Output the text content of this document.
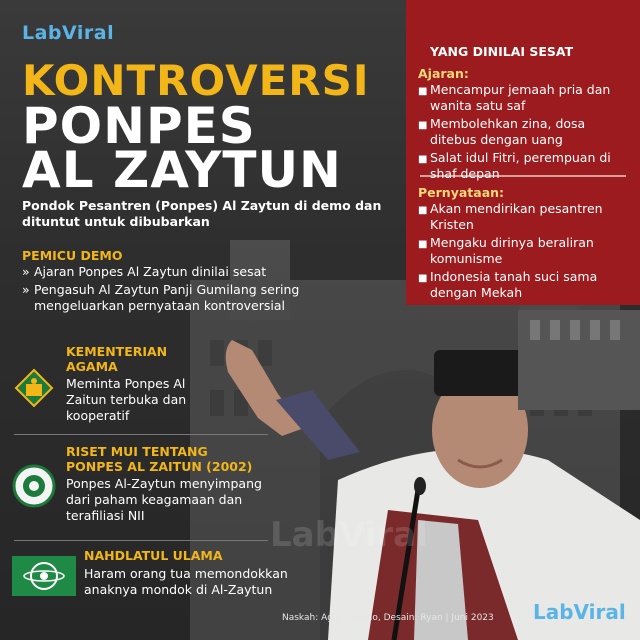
LabViral
KONTROVERSI
PONPES
AL ZAYTUN
Pondok Pesantren (Ponpes) Al Zaytun di demo dan dituntut untuk dibubarkan
PEMICU DEMO
» Ajaran Ponpes Al Zaytun dinilai sesat
» Pengasuh Al Zaytun Panji Gumilang sering mengeluarkan pernyataan kontroversial
KEMENTERIAN AGAMA
Meminta Ponpes Al Zaitun terbuka dan kooperatif
RISET MUI TENTANG PONPES AL ZAITUN (2002)
Ponpes Al-Zaytun menyimpang dari paham keagamaan dan terafiliasi NII
NAHDLATUL ULAMA
Haram orang tua memondokkan anaknya mondok di Al-Zaytun
YANG DINILAI SESAT
Ajaran:
■ Mencampur jemaah pria dan wanita satu saf
■ Membolehkan zina, dosa ditebus dengan uang
■ Salat idul Fitri, perempuan di shaf depan
Pernyataan:
■ Akan mendirikan pesantren Kristen
■ Mengaku dirinya beraliran komunisme
■ Indonesia tanah suci sama dengan Mekah
LabViral
Naskah: Agus Surono, Desain: Ryan | Juni 2023 LabViral
